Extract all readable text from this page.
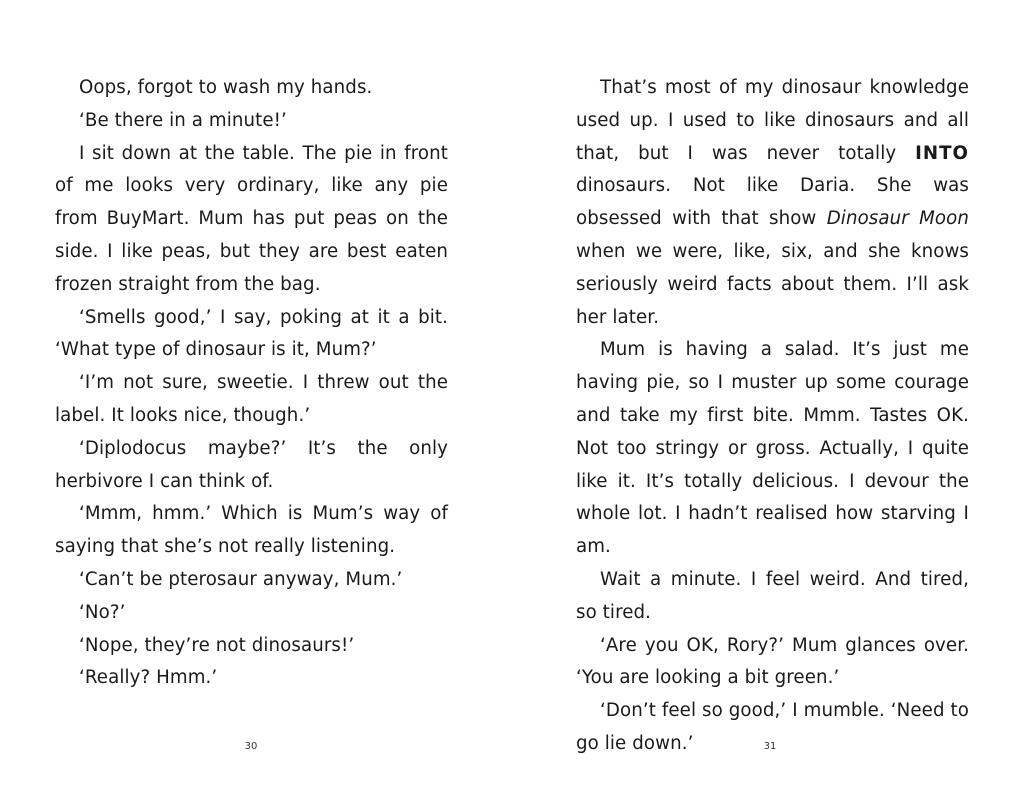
Oops, forgot to wash my hands.

‘Be there in a minute!’

I sit down at the table. The pie in front of me looks very ordinary, like any pie from BuyMart. Mum has put peas on the side. I like peas, but they are best eaten frozen straight from the bag.

‘Smells good,’ I say, poking at it a bit. ‘What type of dinosaur is it, Mum?’

‘I’m not sure, sweetie. I threw out the label. It looks nice, though.’

‘Diplodocus maybe?’ It’s the only herbivore I can think of.

‘Mmm, hmm.’ Which is Mum’s way of saying that she’s not really listening.

‘Can’t be pterosaur anyway, Mum.’

‘No?’

‘Nope, they’re not dinosaurs!’

‘Really? Hmm.’

30

That’s most of my dinosaur knowledge used up. I used to like dinosaurs and all that, but I was never totally INTO dinosaurs. Not like Daria. She was obsessed with that show Dinosaur Moon when we were, like, six, and she knows seriously weird facts about them. I’ll ask her later.

Mum is having a salad. It’s just me having pie, so I muster up some courage and take my first bite. Mmm. Tastes OK. Not too stringy or gross. Actually, I quite like it. It’s totally delicious. I devour the whole lot. I hadn’t realised how starving I am.

Wait a minute. I feel weird. And tired, so tired.

‘Are you OK, Rory?’ Mum glances over. ‘You are looking a bit green.’

‘Don’t feel so good,’ I mumble. ‘Need to go lie down.’	31
